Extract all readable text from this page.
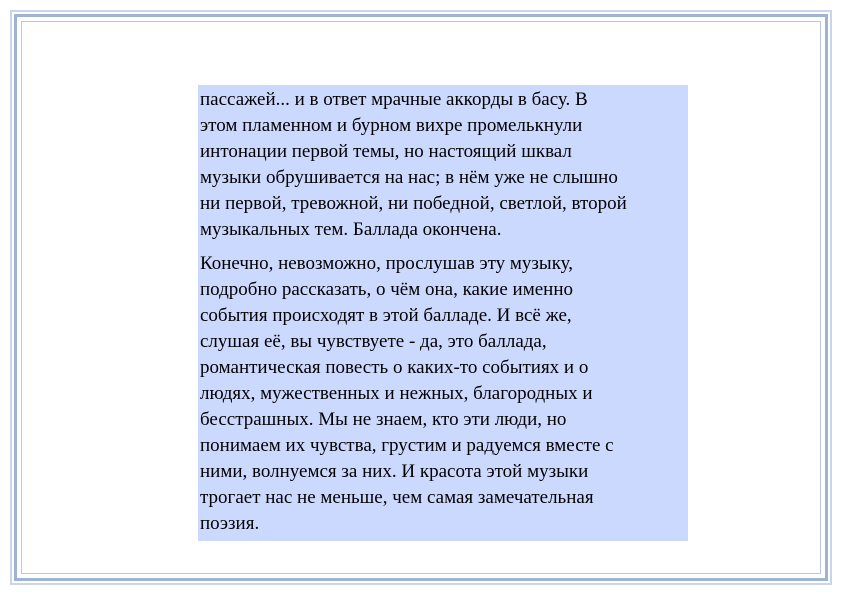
пассажей... и в ответ мрачные аккорды в басу. В
этом пламенном и бурном вихре промелькнули
интонации первой темы, но настоящий шквал
музыки обрушивается на нас; в нём уже не слышно
ни первой, тревожной, ни победной, светлой, второй
музыкальных тем. Баллада окончена.

Конечно, невозможно, прослушав эту музыку,
подробно рассказать, о чём она, какие именно
события происходят в этой балладе. И всё же,
слушая её, вы чувствуете - да, это баллада,
романтическая повесть о каких-то событиях и о
людях, мужественных и нежных, благородных и
бесстрашных. Мы не знаем, кто эти люди, но
понимаем их чувства, грустим и радуемся вместе с
ними, волнуемся за них. И красота этой музыки
трогает нас не меньше, чем самая замечательная
поэзия.
